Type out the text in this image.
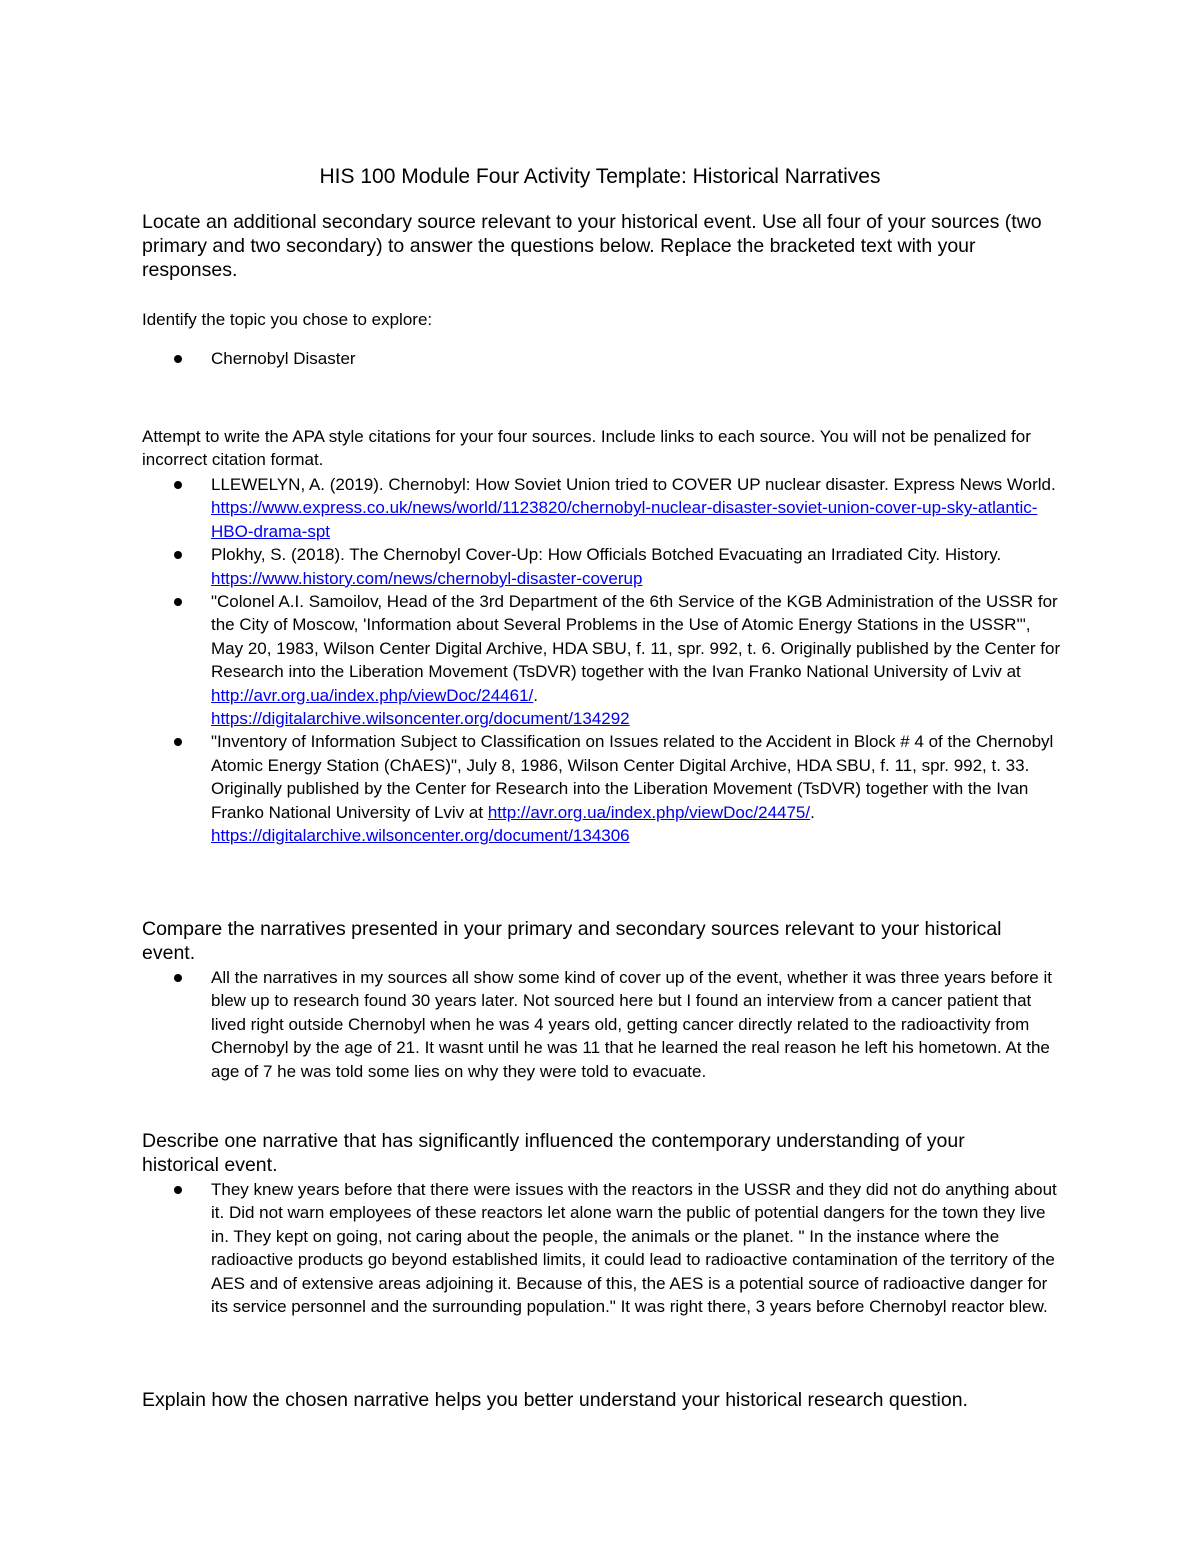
HIS 100 Module Four Activity Template: Historical Narratives
Locate an additional secondary source relevant to your historical event. Use all four of your sources (two primary and two secondary) to answer the questions below. Replace the bracketed text with your responses.
Identify the topic you chose to explore:
Chernobyl Disaster
Attempt to write the APA style citations for your four sources. Include links to each source. You will not be penalized for incorrect citation format.
LLEWELYN, A. (2019). Chernobyl: How Soviet Union tried to COVER UP nuclear disaster. Express News World. https://www.express.co.uk/news/world/1123820/chernobyl-nuclear-disaster-soviet-union-cover-up-sky-atlantic-HBO-drama-spt
Plokhy, S. (2018). The Chernobyl Cover-Up: How Officials Botched Evacuating an Irradiated City. History. https://www.history.com/news/chernobyl-disaster-coverup
"Colonel A.I. Samoilov, Head of the 3rd Department of the 6th Service of the KGB Administration of the USSR for the City of Moscow, 'Information about Several Problems in the Use of Atomic Energy Stations in the USSR'", May 20, 1983, Wilson Center Digital Archive, HDA SBU, f. 11, spr. 992, t. 6. Originally published by the Center for Research into the Liberation Movement (TsDVR) together with the Ivan Franko National University of Lviv at http://avr.org.ua/index.php/viewDoc/24461/.
https://digitalarchive.wilsoncenter.org/document/134292
"Inventory of Information Subject to Classification on Issues related to the Accident in Block # 4 of the Chernobyl Atomic Energy Station (ChAES)", July 8, 1986, Wilson Center Digital Archive, HDA SBU, f. 11, spr. 992, t. 33. Originally published by the Center for Research into the Liberation Movement (TsDVR) together with the Ivan Franko National University of Lviv at http://avr.org.ua/index.php/viewDoc/24475/.
https://digitalarchive.wilsoncenter.org/document/134306
Compare the narratives presented in your primary and secondary sources relevant to your historical event.
All the narratives in my sources all show some kind of cover up of the event, whether it was three years before it blew up to research found 30 years later. Not sourced here but I found an interview from a cancer patient that lived right outside Chernobyl when he was 4 years old, getting cancer directly related to the radioactivity from Chernobyl by the age of 21. It wasnt until he was 11 that he learned the real reason he left his hometown. At the age of 7 he was told some lies on why they were told to evacuate.
Describe one narrative that has significantly influenced the contemporary understanding of your historical event.
They knew years before that there were issues with the reactors in the USSR and they did not do anything about it. Did not warn employees of these reactors let alone warn the public of potential dangers for the town they live in. They kept on going, not caring about the people, the animals or the planet. " In the instance where the radioactive products go beyond established limits, it could lead to radioactive contamination of the territory of the AES and of extensive areas adjoining it. Because of this, the AES is a potential source of radioactive danger for its service personnel and the surrounding population." It was right there, 3 years before Chernobyl reactor blew.
Explain how the chosen narrative helps you better understand your historical research question.
